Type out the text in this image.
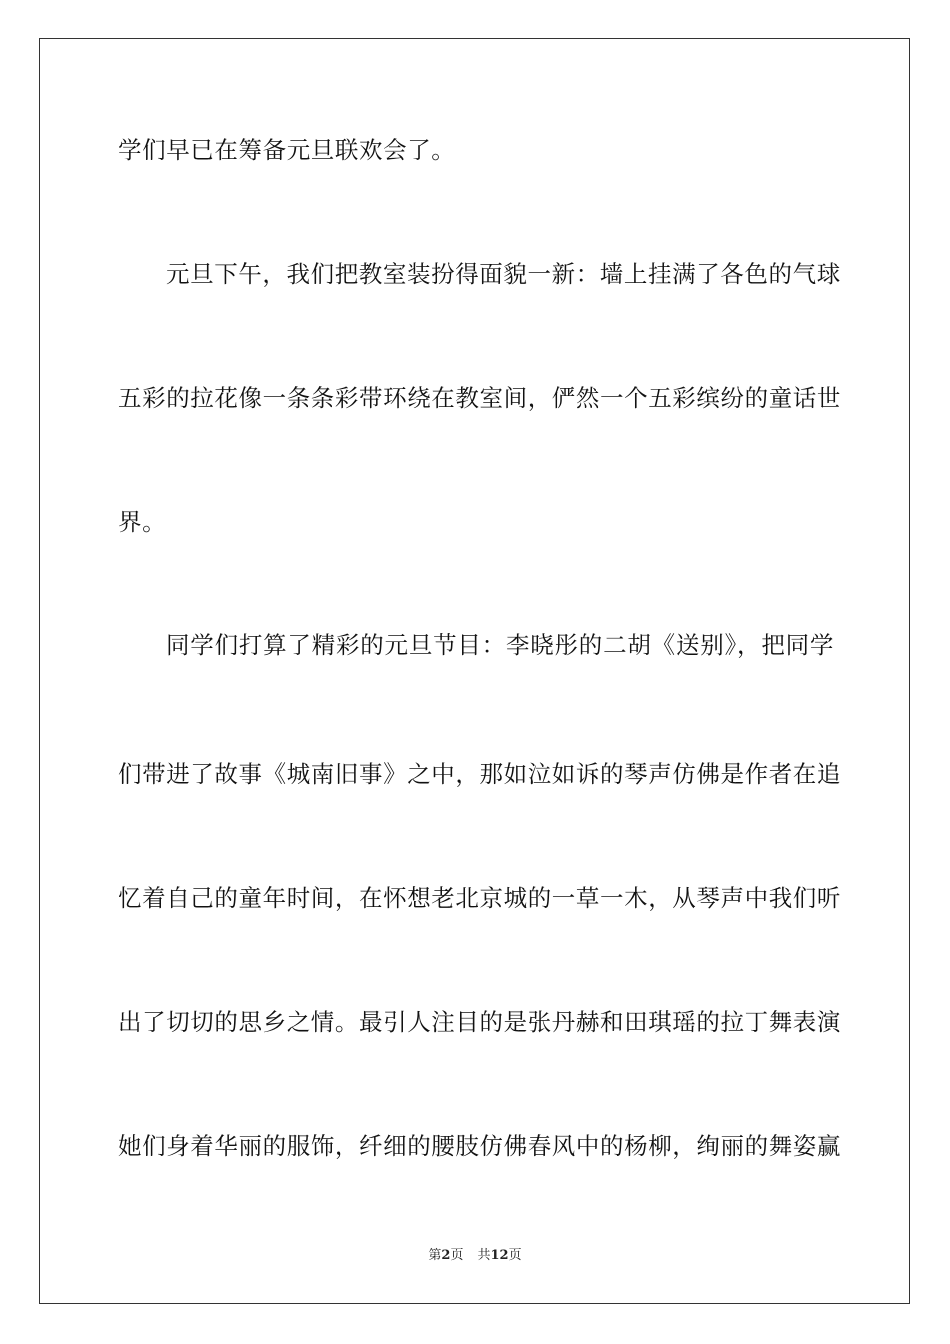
学们早已在筹备元旦联欢会了。
元旦下午，我们把教室装扮得面貌一新：墙上挂满了各色的气球
五彩的拉花像一条条彩带环绕在教室间，俨然一个五彩缤纷的童话世
界。
同学们打算了精彩的元旦节目：李晓彤的二胡《送别》，把同学
们带进了故事《城南旧事》之中，那如泣如诉的琴声仿佛是作者在追
忆着自己的童年时间，在怀想老北京城的一草一木，从琴声中我们听
出了切切的思乡之情。最引人注目的是张丹赫和田琪瑶的拉丁舞表演
她们身着华丽的服饰，纤细的腰肢仿佛春风中的杨柳，绚丽的舞姿赢
第2页 共12页
